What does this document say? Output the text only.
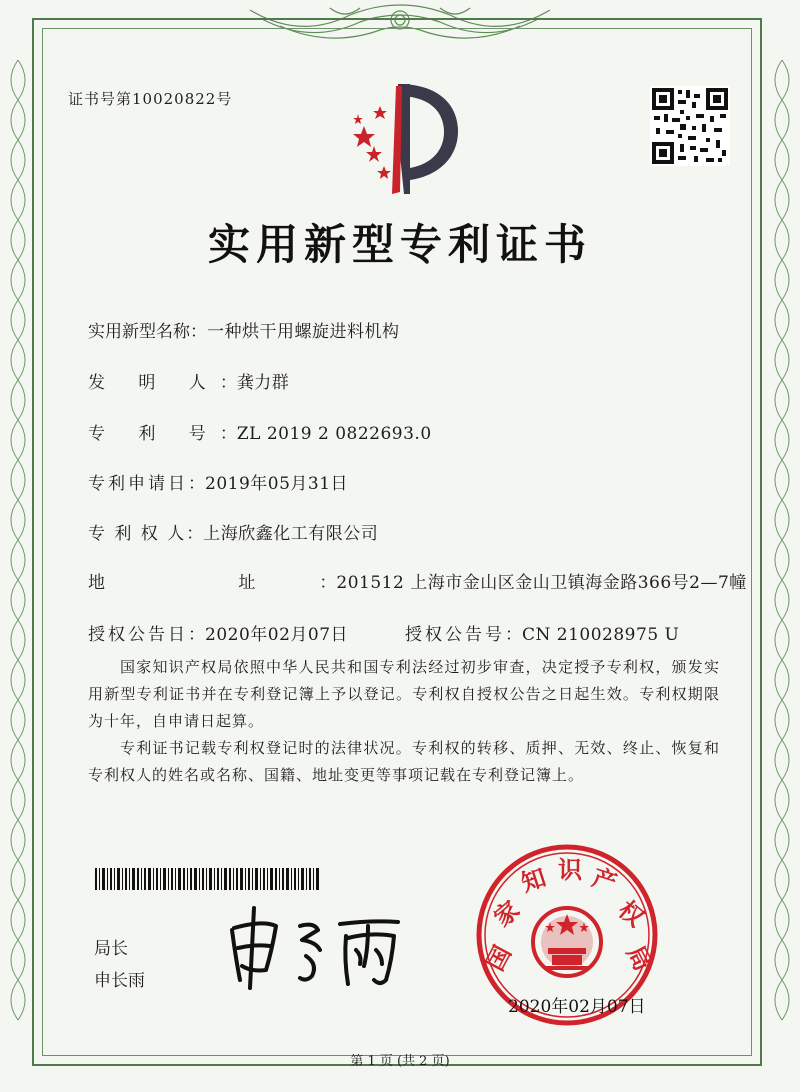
证书号第10020822号
实用新型专利证书
实用新型名称：一种烘干用螺旋进料机构
发 明 人：龚力群
专 利 号：ZL 2019 2 0822693.0
专利申请日：2019年05月31日
专 利 权 人：上海欣鑫化工有限公司
地 址：201512 上海市金山区金山卫镇海金路366号2—7幢
授权公告日：2020年02月07日	授权公告号：CN 210028975 U

国家知识产权局依照中华人民共和国专利法经过初步审查，决定授予专利权，颁发实用新型专利证书并在专利登记簿上予以登记。专利权自授权公告之日起生效。专利权期限为十年，自申请日起算。

专利证书记载专利权登记时的法律状况。专利权的转移、质押、无效、终止、恢复和专利权人的姓名或名称、国籍、地址变更等事项记载在专利登记簿上。

局长
申长雨
国
家
知 识 产
权
局
2020年02月07日
第 1 页 (共 2 页)
